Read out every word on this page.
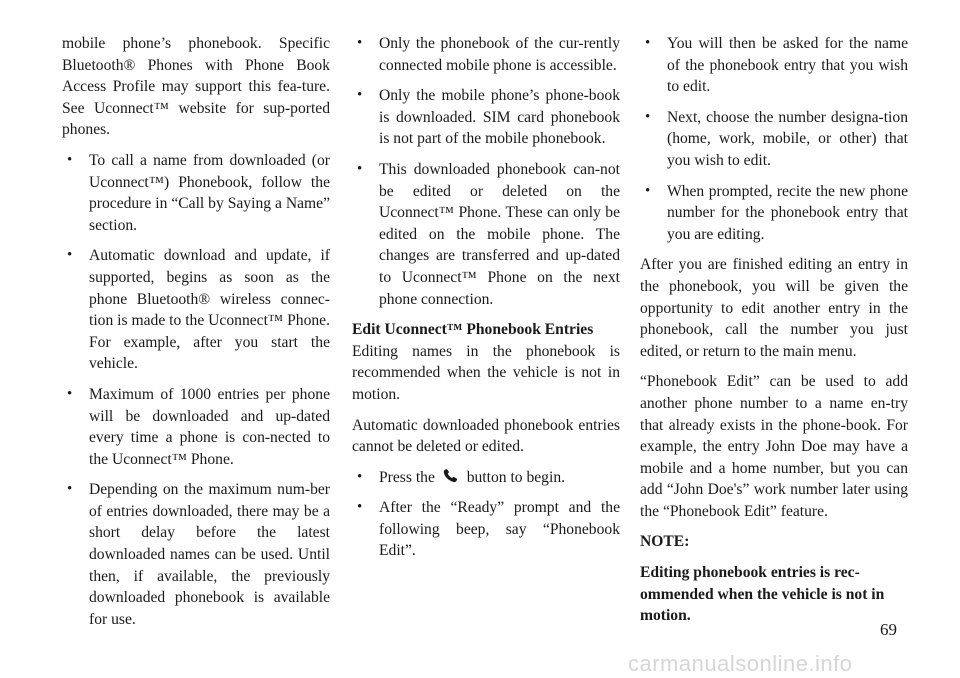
mobile phone’s phonebook. Specific Bluetooth® Phones with Phone Book Access Profile may support this fea-ture. See Uconnect™ website for sup-ported phones.

• To call a name from downloaded (or Uconnect™) Phonebook, follow the procedure in “Call by Saying a Name” section.
• Automatic download and update, if supported, begins as soon as the phone Bluetooth® wireless connec-tion is made to the Uconnect™ Phone. For example, after you start the vehicle.
• Maximum of 1000 entries per phone will be downloaded and up-dated every time a phone is con-nected to the Uconnect™ Phone.
• Depending on the maximum num-ber of entries downloaded, there may be a short delay before the latest downloaded names can be used. Until then, if available, the previously downloaded phonebook is available for use.
• Only the phonebook of the cur-rently connected mobile phone is accessible.
• Only the mobile phone’s phone-book is downloaded. SIM card phonebook is not part of the mobile phonebook.
• This downloaded phonebook can-not be edited or deleted on the Uconnect™ Phone. These can only be edited on the mobile phone. The changes are transferred and up-dated to Uconnect™ Phone on the next phone connection.
Edit Uconnect™ Phonebook Entries

Editing names in the phonebook is recommended when the vehicle is not in motion.

Automatic downloaded phonebook entries cannot be deleted or edited.

• Press the button to begin.
• After the “Ready” prompt and the following beep, say “Phonebook Edit”.
• You will then be asked for the name of the phonebook entry that you wish to edit.
• Next, choose the number designa-tion (home, work, mobile, or other) that you wish to edit.
• When prompted, recite the new phone number for the phonebook entry that you are editing.

After you are finished editing an entry in the phonebook, you will be given the opportunity to edit another entry in the phonebook, call the number you just edited, or return to the main menu.

“Phonebook Edit” can be used to add another phone number to a name en-try that already exists in the phone-book. For example, the entry John Doe may have a mobile and a home number, but you can add “John Doe's” work number later using the “Phonebook Edit” feature.

NOTE:

Editing phonebook entries is rec-ommended when the vehicle is not in motion.

69
carmanualsonline.info
